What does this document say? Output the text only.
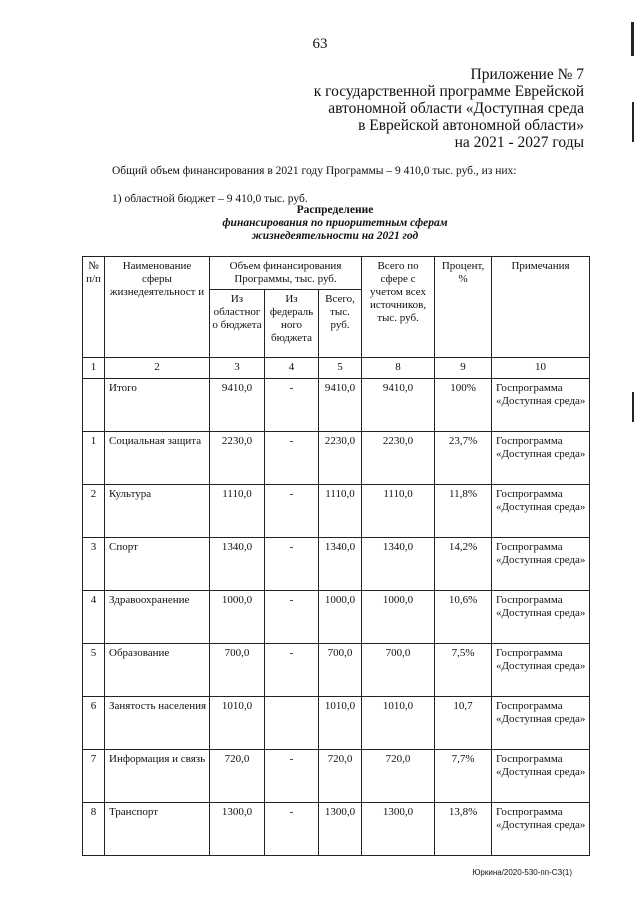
63
Приложение № 7
к государственной программе Еврейской
автономной области «Доступная среда
в Еврейской автономной области»
на 2021 - 2027 годы
Общий объем финансирования в 2021 году Программы – 9 410,0 тыс. руб., из них:
1) областной бюджет – 9 410,0 тыс. руб.
Распределение
финансирования по приоритетным сферам
жизнедеятельности на 2021 год
№ п/п	Наименование сферы жизнедеятельност и	Объем финансирования Программы, тыс. руб.			Всего по сфере с учетом всех источников, тыс. руб.	Процент, %	Примечания
		Из областног о бюджета	Из федераль ного бюджета	Всего, тыс. руб.			
1	2	3	4	5	8	9	10
	Итого	9410,0	-	9410,0	9410,0	100%	Госпрограмма «Доступная среда»
1	Социальная защита	2230,0	-	2230,0	2230,0	23,7%	Госпрограмма «Доступная среда»
2	Культура	1110,0	-	1110,0	1110,0	11,8%	Госпрограмма «Доступная среда»
3	Спорт	1340,0	-	1340,0	1340,0	14,2%	Госпрограмма «Доступная среда»
4	Здравоохранение	1000,0	-	1000,0	1000,0	10,6%	Госпрограмма «Доступная среда»
5	Образование	700,0	-	700,0	700,0	7,5%	Госпрограмма «Доступная среда»
6	Занятость населения	1010,0		1010,0	1010,0	10,7	Госпрограмма «Доступная среда»
7	Информация и связь	720,0	-	720,0	720,0	7,7%	Госпрограмма «Доступная среда»
8	Транспорт	1300,0	-	1300,0	1300,0	13,8%	Госпрограмма «Доступная среда»
Юркина/2020-530-пп-СЗ(1)
